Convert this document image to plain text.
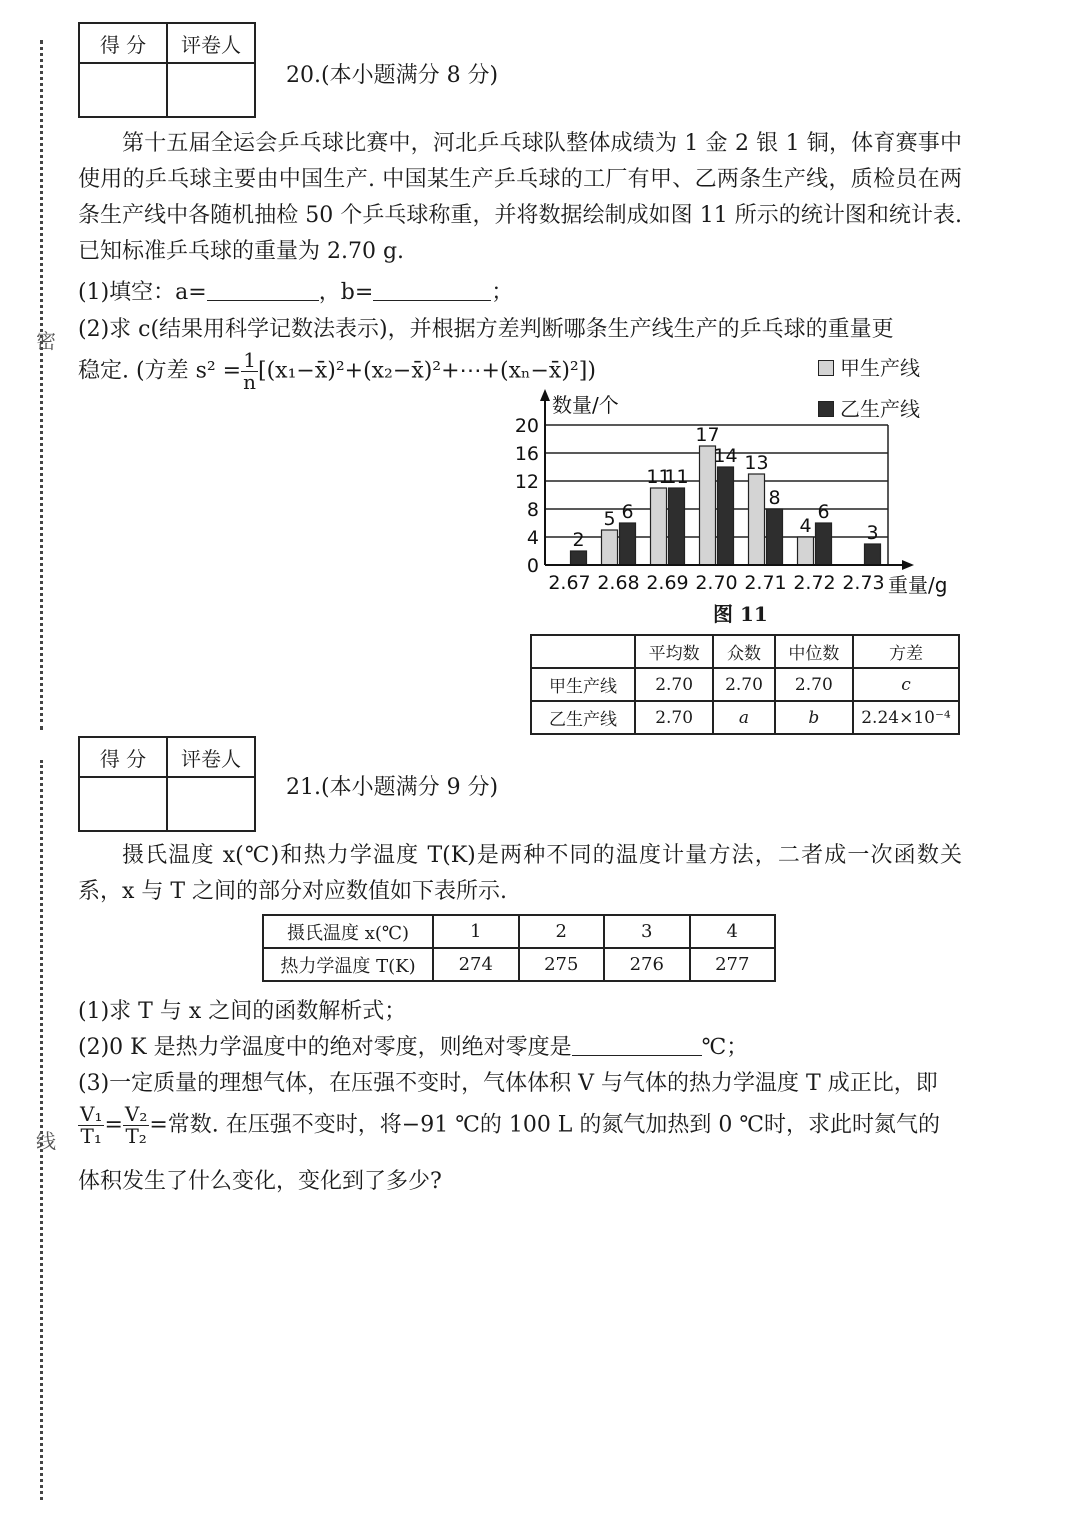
密
线
得 分	评卷人

20.(本小题满分 8 分)
第十五届全运会乒乓球比赛中，河北乒乓球队整体成绩为 1 金 2 银 1 铜，体育赛事中使用的乒乓球主要由中国生产. 中国某生产乒乓球的工厂有甲、乙两条生产线，质检员在两条生产线中各随机抽检 50 个乒乓球称重，并将数据绘制成如图 11 所示的统计图和统计表. 已知标准乒乓球的重量为 2.70 g.
(1)填空：a=	，b=	；
(2)求 c(结果用科学记数法表示)，并根据方差判断哪条生产线生产的乒乓球的重量更
稳定. (方差 $s^2 = \frac{1}{n}$ [(x₁−x̄)²+(x₂−x̄)²+⋯+(xₙ−x̄)²])	甲生产线
乙生产线
0
4
8
12
16
20
数量/个
重量/g
2.67
2
2.68
5 6
2.69
11
11
2.70
17
14
2.71
13
8
2.72
4
6
2.73
3
图 11
	平均数	众数	中位数	方差
甲生产线	2.70	2.70	2.70	c
乙生产线	2.70	a	b	2.24×10⁻⁴
得 分	评卷人

21.(本小题满分 9 分)
摄氏温度 x(℃)和热力学温度 T(K)是两种不同的温度计量方法，二者成一次函数关系，x 与 T 之间的部分对应数值如下表所示.
摄氏温度 x(℃)	1	2	3	4
热力学温度 T(K)	274	275	276	277
(1)求 T 与 x 之间的函数解析式；
(2)0 K 是热力学温度中的绝对零度，则绝对零度是	℃；
(3)一定质量的理想气体，在压强不变时，气体体积 V 与气体的热力学温度 T 成正比，即
$\frac{\text{V₁}}{\text{T₁}} = \frac{\text{V₂}}{\text{T₂}}$ =常数. 在压强不变时，将−91 ℃的 100 L 的氮气加热到 0 ℃时，求此时氮气的
体积发生了什么变化，变化到了多少?
